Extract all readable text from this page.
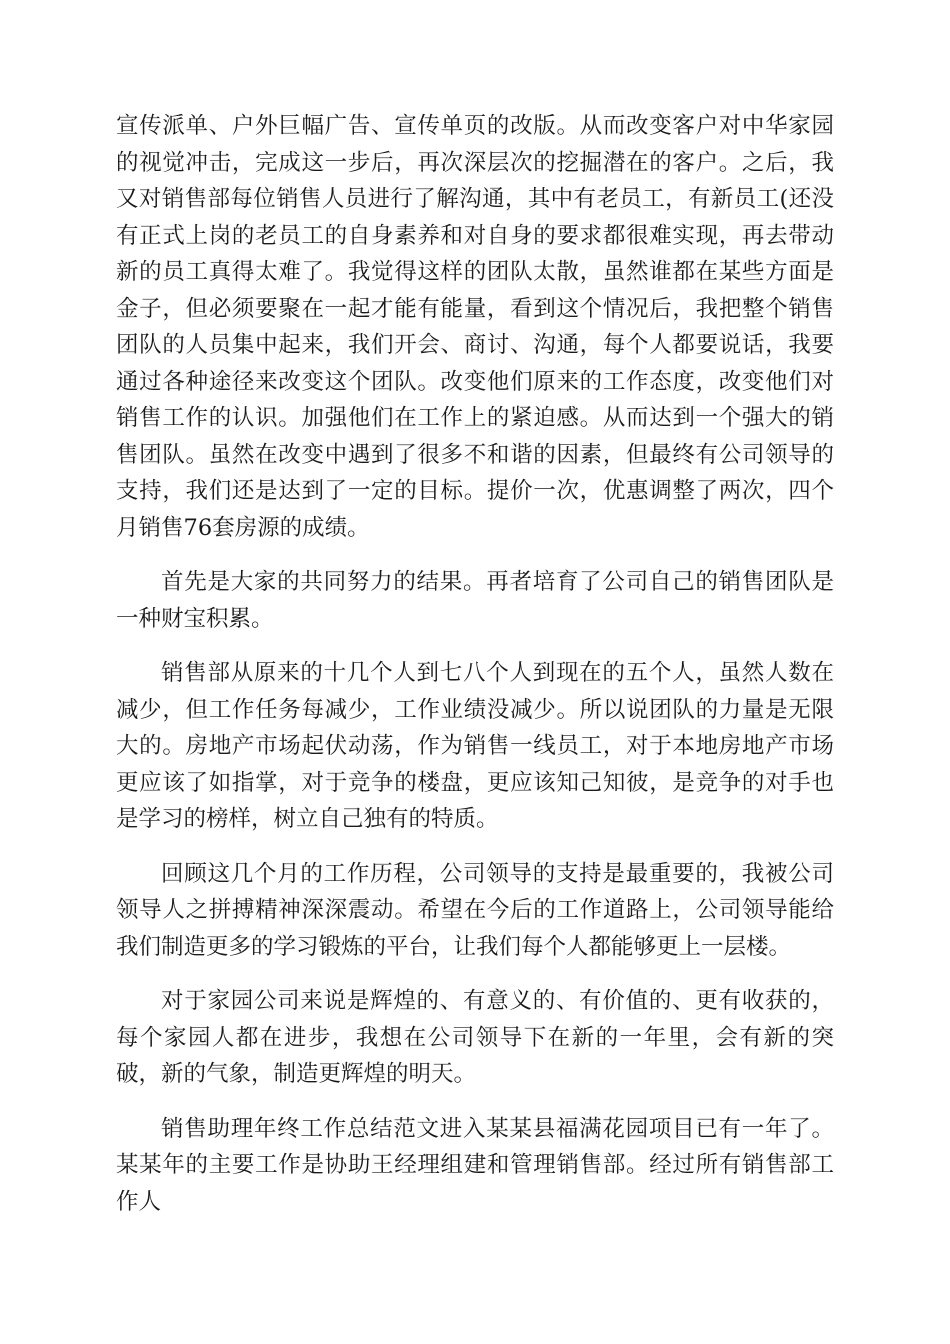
宣传派单、户外巨幅广告、宣传单页的改版。从而改变客户对中华家园的视觉冲击，完成这一步后，再次深层次的挖掘潜在的客户。之后，我又对销售部每位销售人员进行了解沟通，其中有老员工，有新员工(还没有正式上岗的老员工的自身素养和对自身的要求都很难实现，再去带动新的员工真得太难了。我觉得这样的团队太散，虽然谁都在某些方面是金子，但必须要聚在一起才能有能量，看到这个情况后，我把整个销售团队的人员集中起来，我们开会、商讨、沟通，每个人都要说话，我要通过各种途径来改变这个团队。改变他们原来的工作态度，改变他们对销售工作的认识。加强他们在工作上的紧迫感。从而达到一个强大的销售团队。虽然在改变中遇到了很多不和谐的因素，但最终有公司领导的支持，我们还是达到了一定的目标。提价一次，优惠调整了两次，四个月销售76套房源的成绩。

首先是大家的共同努力的结果。再者培育了公司自己的销售团队是一种财宝积累。

销售部从原来的十几个人到七八个人到现在的五个人，虽然人数在减少，但工作任务每减少，工作业绩没减少。所以说团队的力量是无限大的。房地产市场起伏动荡，作为销售一线员工，对于本地房地产市场更应该了如指掌，对于竞争的楼盘，更应该知己知彼，是竞争的对手也是学习的榜样，树立自己独有的特质。

回顾这几个月的工作历程，公司领导的支持是最重要的，我被公司领导人之拼搏精神深深震动。希望在今后的工作道路上，公司领导能给我们制造更多的学习锻炼的平台，让我们每个人都能够更上一层楼。

对于家园公司来说是辉煌的、有意义的、有价值的、更有收获的，每个家园人都在进步，我想在公司领导下在新的一年里，会有新的突破，新的气象，制造更辉煌的明天。

销售助理年终工作总结范文进入某某县福满花园项目已有一年了。某某年的主要工作是协助王经理组建和管理销售部。经过所有销售部工作人
